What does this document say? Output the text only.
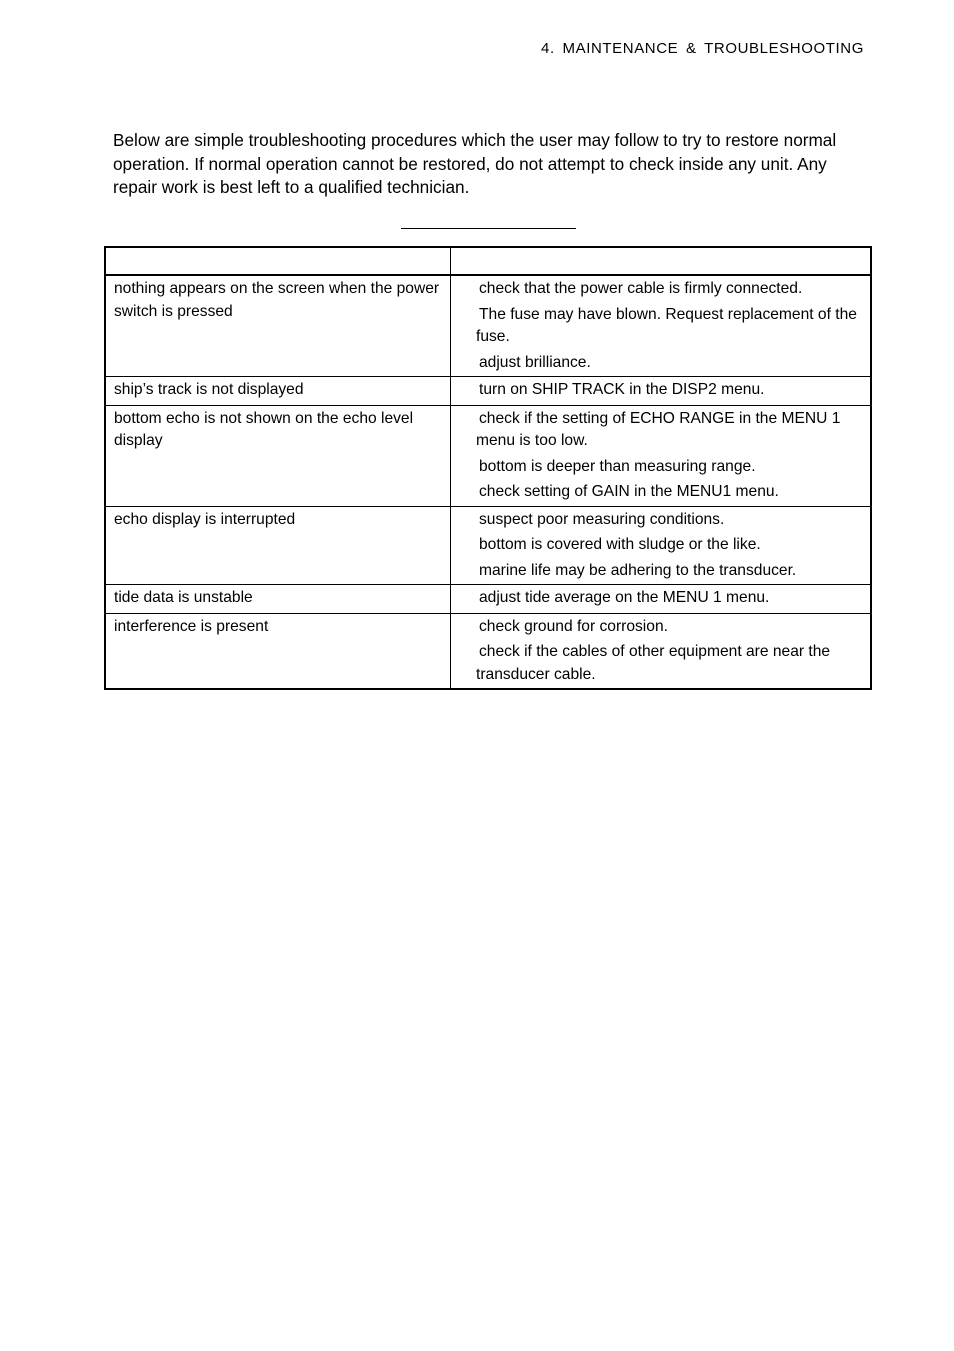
4. MAINTENANCE & TROUBLESHOOTING

Below are simple troubleshooting procedures which the user may follow to try to restore normal operation. If normal operation cannot be restored, do not attempt to check inside any unit. Any repair work is best left to a qualified technician.

nothing appears on the screen when the power switch is pressed	check that the power cable is firmly connected.
The fuse may have blown. Request replacement of the fuse.
adjust brilliance.

ship’s track is not displayed	turn on SHIP TRACK in the DISP2 menu.

bottom echo is not shown on the echo level display	check if the setting of ECHO RANGE in the MENU 1 menu is too low.
bottom is deeper than measuring range.
check setting of GAIN in the MENU1 menu.

echo display is interrupted	suspect poor measuring conditions.
bottom is covered with sludge or the like.
marine life may be adhering to the transducer.

tide data is unstable	adjust tide average on the MENU 1 menu.

interference is present	check ground for corrosion.
check if the cables of other equipment are near the transducer cable.
